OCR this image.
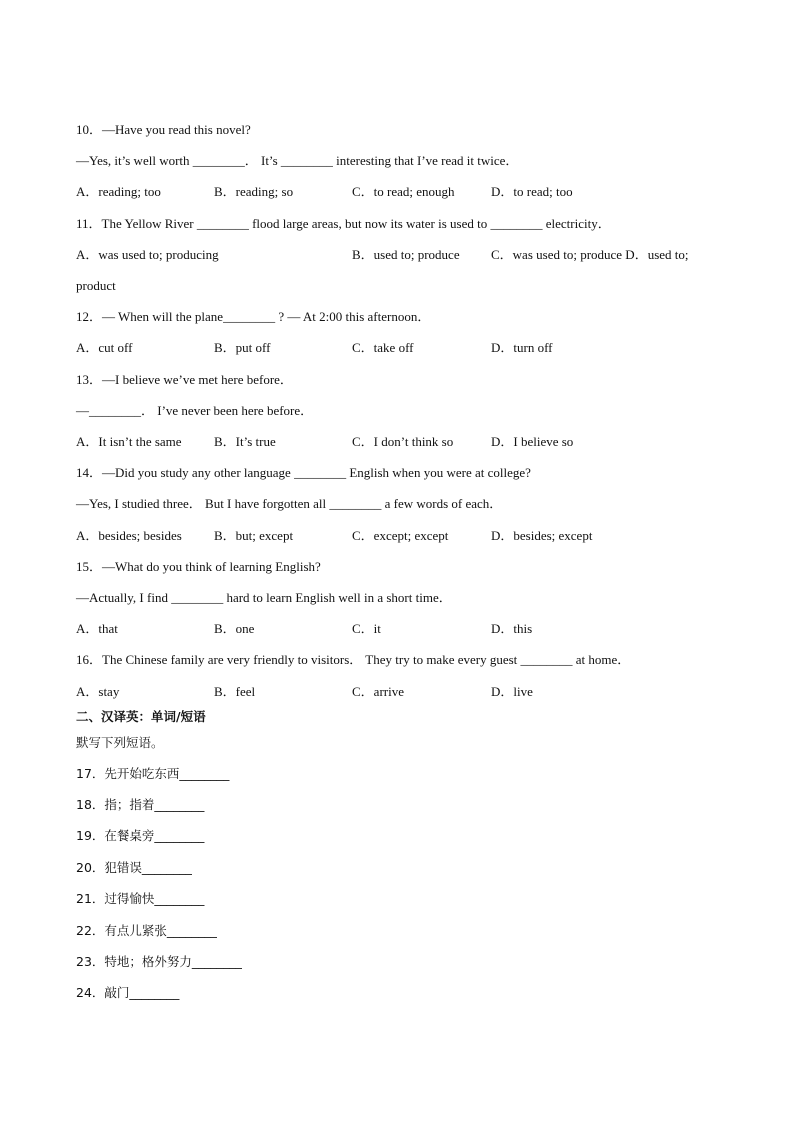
10．—Have you read this novel?
—Yes, it’s well worth ________． It’s ________ interesting that I’ve read it twice．
A．reading; too	B．reading; so	C．to read; enough	D．to read; too
11．The Yellow River ________ flood large areas, but now its water is used to ________ electricity．
A．was used to; producing	B．used to; produce C．was used to; produce D．used to;
product
12．— When will the plane________ ? — At 2:00 this afternoon．
A．cut off	B．put off	C．take off	D．turn off
13．—I believe we’ve met here before．
—________． I’ve never been here before．
A．It isn’t the same B．It’s true	C．I don’t think so	D．I believe so
14．—Did you study any other language ________ English when you were at college?
—Yes, I studied three． But I have forgotten all ________ a few words of each．
A．besides; besides B．but; except	C．except; except	D．besides; except
15．—What do you think of learning English?
—Actually, I find ________ hard to learn English well in a short time．
A．that	B．one	C．it	D．this
16．The Chinese family are very friendly to visitors． They try to make every guest ________ at home．
A．stay	B．feel	C．arrive	D．live
二、汉译英：单词/短语
默写下列短语。
17．先开始吃东西________
18．指；指着________
19．在餐桌旁________
20．犯错误________
21．过得愉快________
22．有点儿紧张________
23．特地；格外努力________
24．敲门________
